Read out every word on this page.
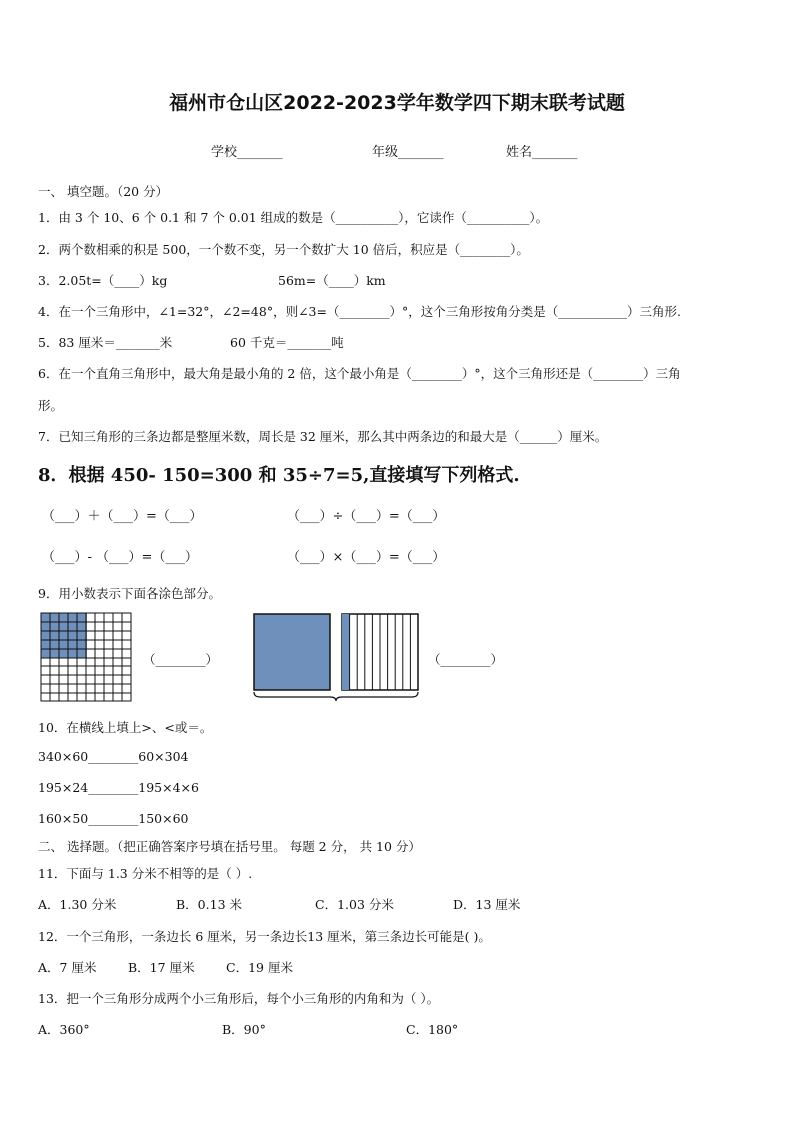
福州市仓山区2022-2023学年数学四下期末联考试题
学校_______	年级_______	姓名_______
一、 填空题。（20 分）
1．由 3 个 10、6 个 0.1 和 7 个 0.01 组成的数是（__________），它读作（__________）。
2．两个数相乘的积是 500，一个数不变，另一个数扩大 10 倍后，积应是（________）。
3．2.05t=（____）kg	56m=（____）km
4．在一个三角形中，∠1=32°，∠2=48°，则∠3=（________）°，这个三角形按角分类是（___________）三角形.
5．83 厘米＝_______米	60 千克＝_______吨
6．在一个直角三角形中，最大角是最小角的 2 倍，这个最小角是（________）°，这个三角形还是（________）三角
形。
7．已知三角形的三条边都是整厘米数，周长是 32 厘米，那么其中两条边的和最大是（______）厘米。
8．根据 450- 150=300 和 35÷7=5,直接填写下列格式.
（___）＋（___）=（___）	（___）÷（___）=（___）
（___）- （___）=（___）	（___）×（___）=（___）
9．用小数表示下面各涂色部分。
（________）	（________）
10．在横线上填上>、<或＝。
340×60________60×304
195×24________195×4×6
160×50________150×60
二、 选择题。（把正确答案序号填在括号里。 每题 2 分， 共 10 分）
11．下面与 1.3 分米不相等的是（ ）.
A．1.30 分米	B．0.13 米	C．1.03 分米	D．13 厘米
12．一个三角形，一条边长 6 厘米，另一条边长13 厘米，第三条边长可能是( )。
A．7 厘米	B．17 厘米	C．19 厘米
13．把一个三角形分成两个小三角形后，每个小三角形的内角和为（ ）。
A．360°	B．90°	C．180°
